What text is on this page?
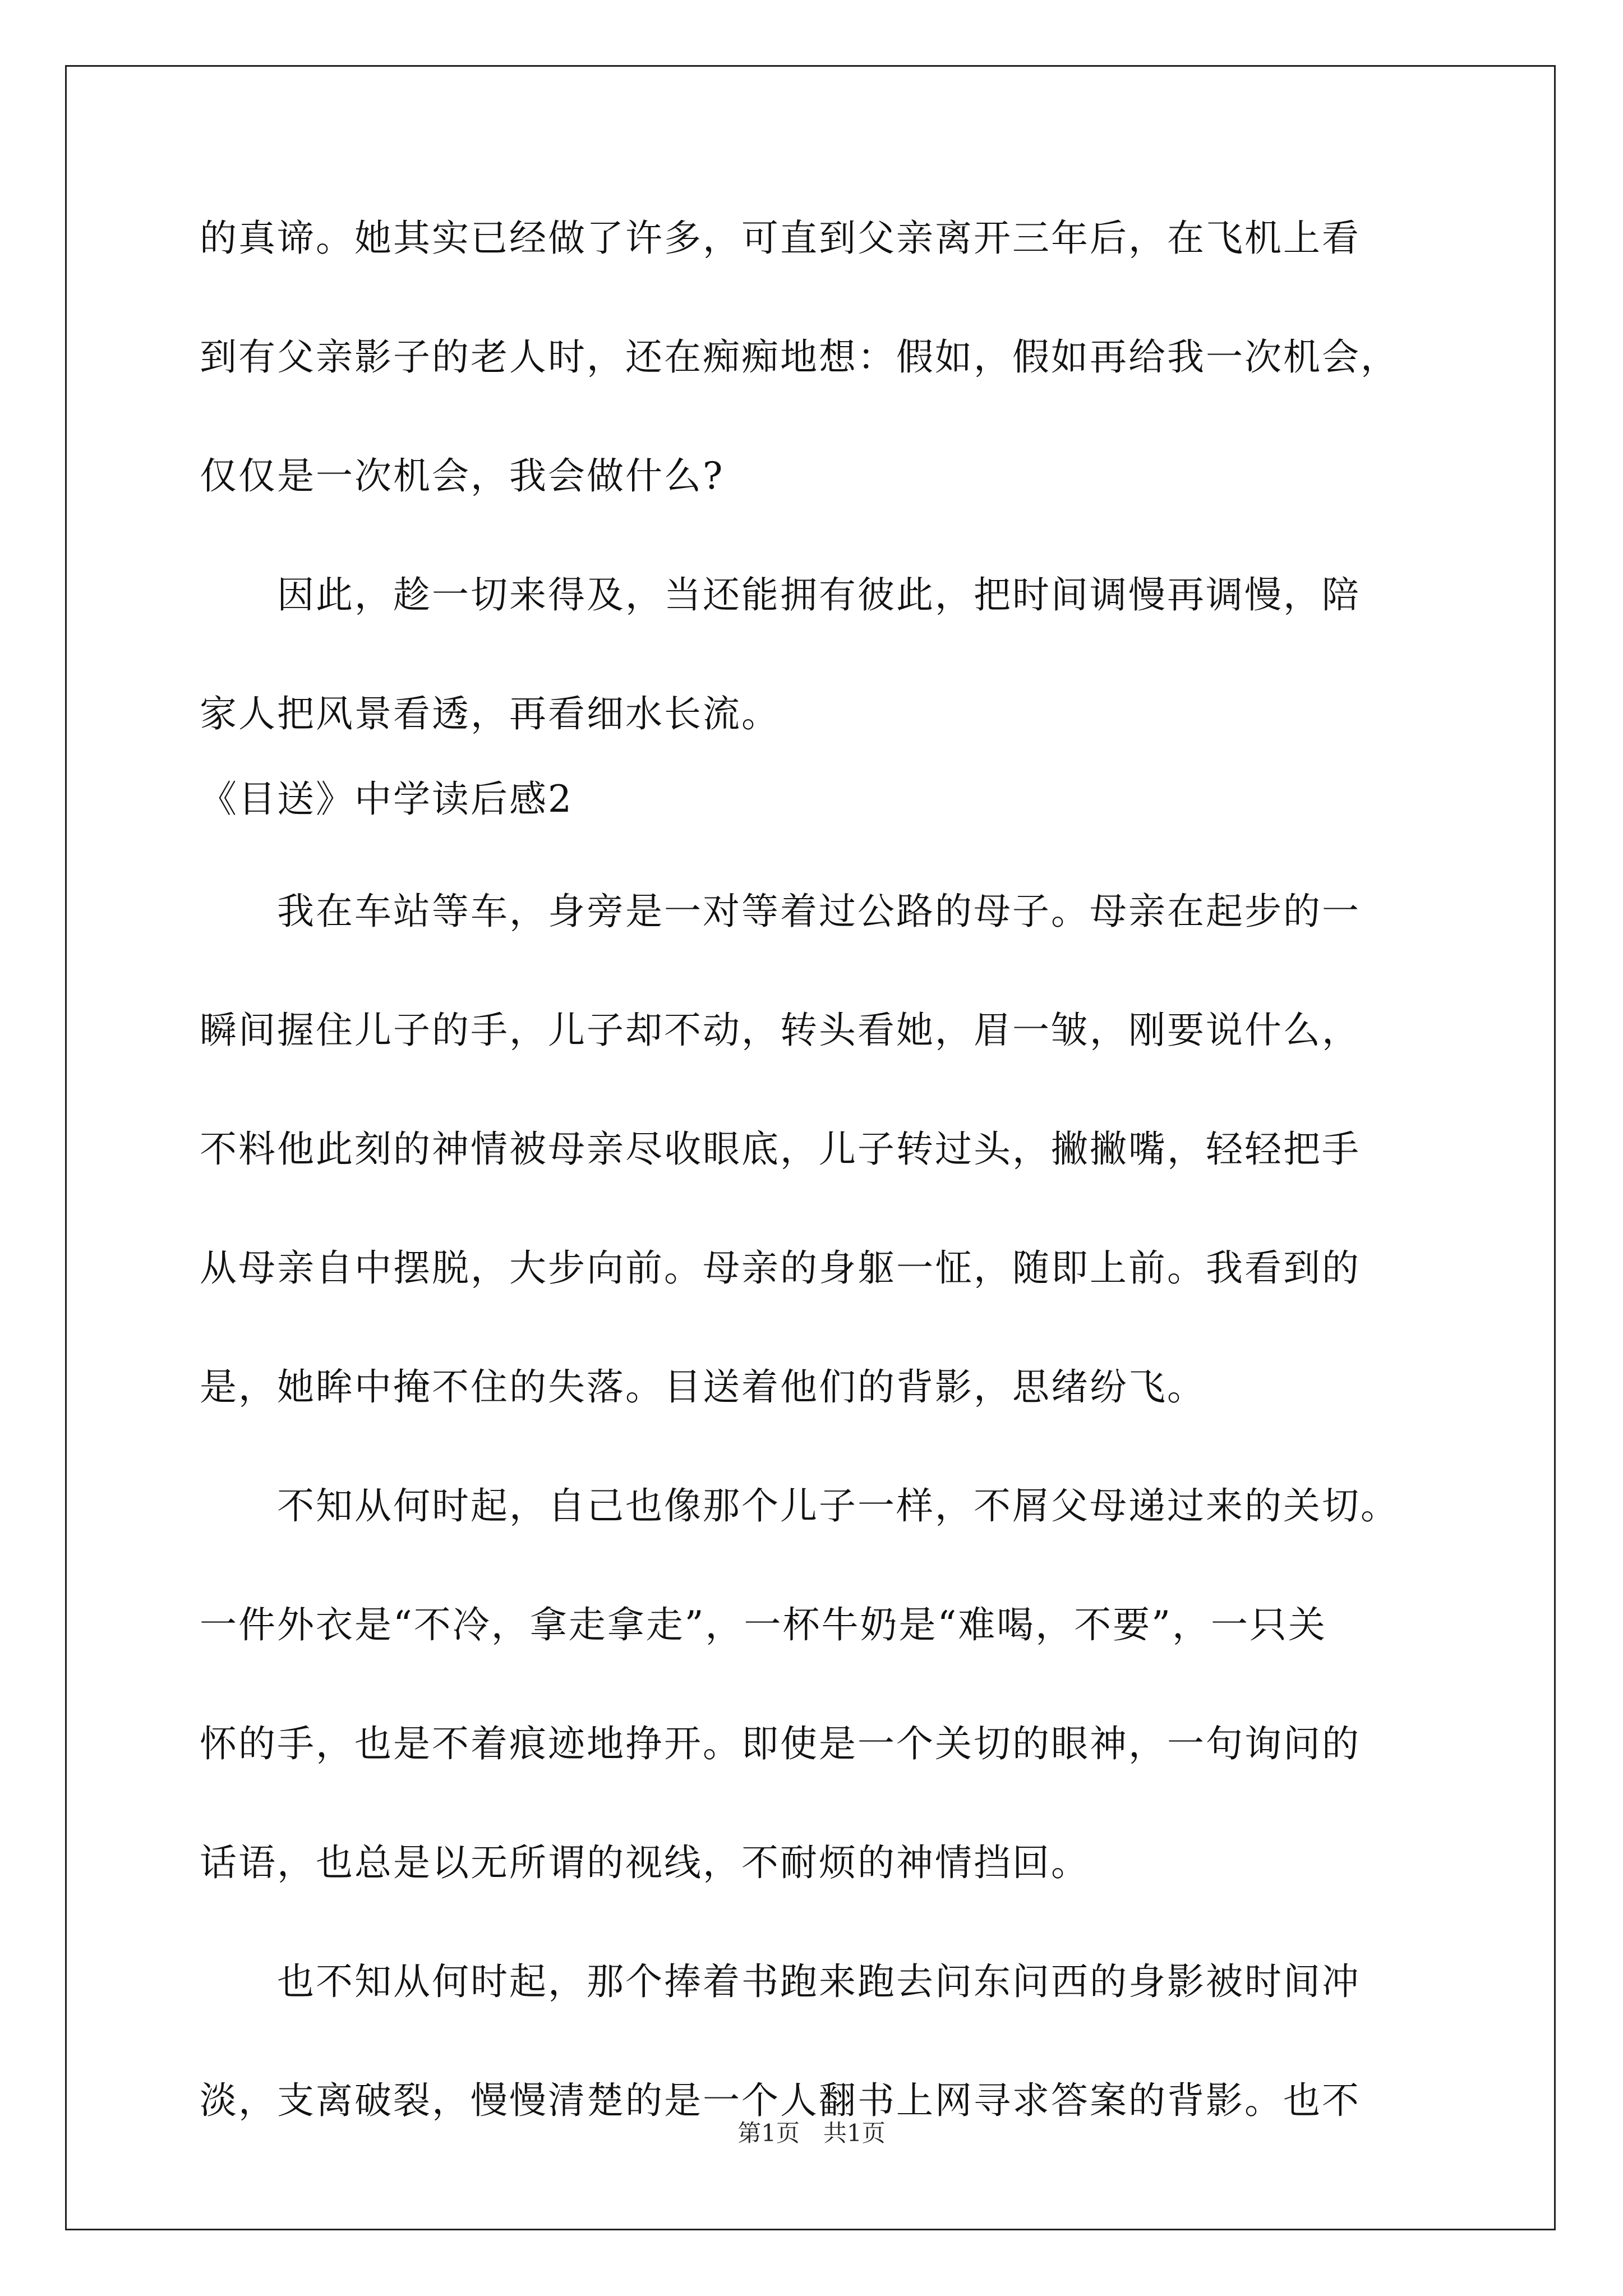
的真谛。她其实已经做了许多，可直到父亲离开三年后，在飞机上看
到有父亲影子的老人时，还在痴痴地想：假如，假如再给我一次机会，
仅仅是一次机会，我会做什么?
　　因此，趁一切来得及，当还能拥有彼此，把时间调慢再调慢，陪
家人把风景看透，再看细水长流。
《目送》中学读后感2
　　我在车站等车，身旁是一对等着过公路的母子。母亲在起步的一
瞬间握住儿子的手，儿子却不动，转头看她，眉一皱，刚要说什么，
不料他此刻的神情被母亲尽收眼底，儿子转过头，撇撇嘴，轻轻把手
从母亲自中摆脱，大步向前。母亲的身躯一怔，随即上前。我看到的
是，她眸中掩不住的失落。目送着他们的背影，思绪纷飞。
　　不知从何时起，自己也像那个儿子一样，不屑父母递过来的关切。
一件外衣是“不冷，拿走拿走”，一杯牛奶是“难喝，不要”，一只关
怀的手，也是不着痕迹地挣开。即使是一个关切的眼神，一句询问的
话语，也总是以无所谓的视线，不耐烦的神情挡回。
　　也不知从何时起，那个捧着书跑来跑去问东问西的身影被时间冲
淡，支离破裂，慢慢清楚的是一个人翻书上网寻求答案的背影。也不
第1页　共1页
